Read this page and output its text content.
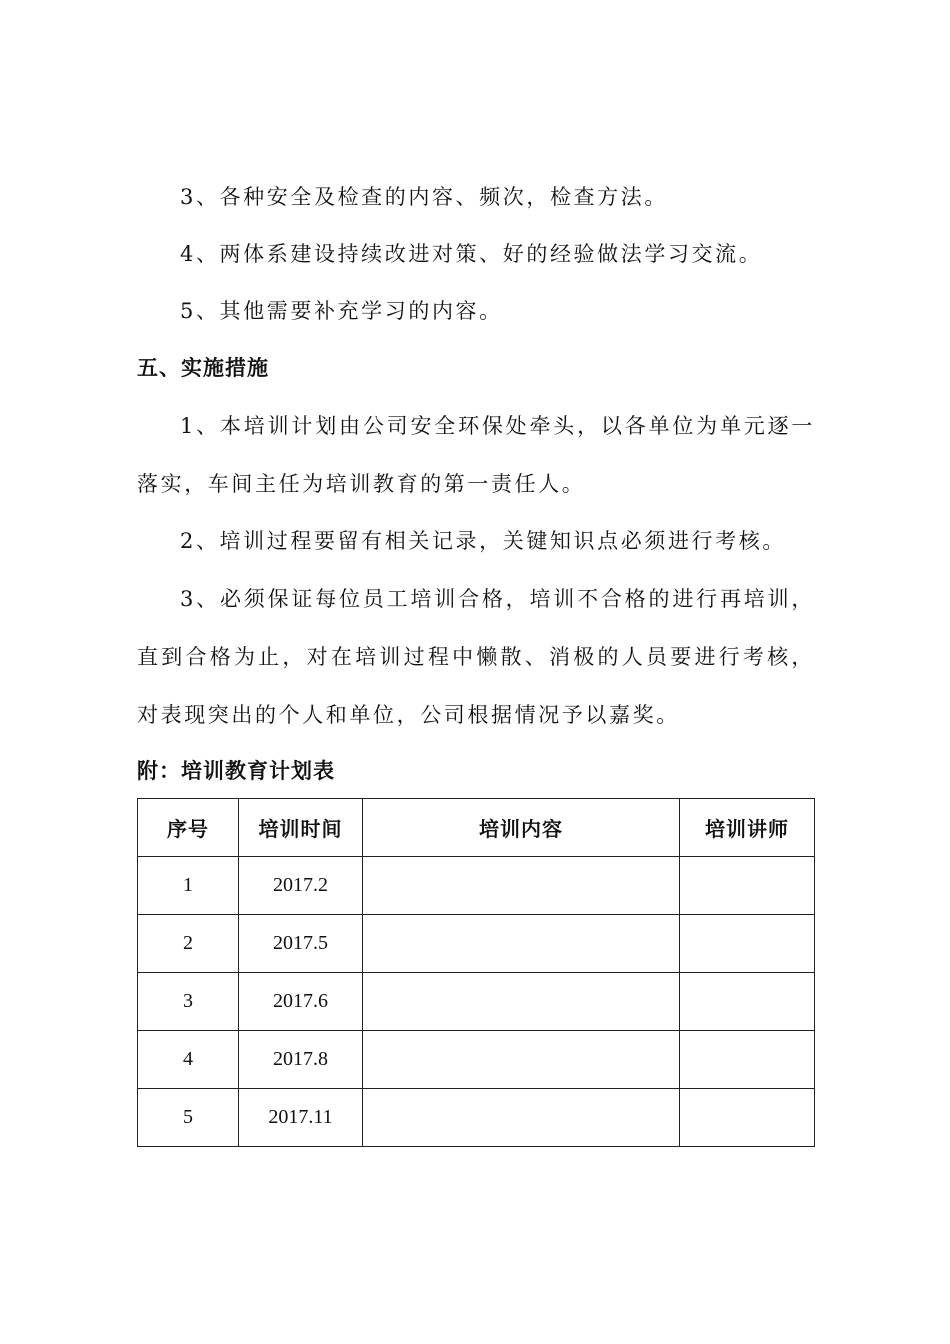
3、各种安全及检查的内容、频次，检查方法。

4、两体系建设持续改进对策、好的经验做法学习交流。

5、其他需要补充学习的内容。

五、实施措施

1、本培训计划由公司安全环保处牵头，以各单位为单元逐一落实，车间主任为培训教育的第一责任人。

2、培训过程要留有相关记录，关键知识点必须进行考核。

3、必须保证每位员工培训合格，培训不合格的进行再培训，直到合格为止，对在培训过程中懒散、消极的人员要进行考核，对表现突出的个人和单位，公司根据情况予以嘉奖。

附：培训教育计划表

序号	培训时间	培训内容	培训讲师
1	2017.2		
2	2017.5		
3	2017.6		
4	2017.8		
5	2017.11		
